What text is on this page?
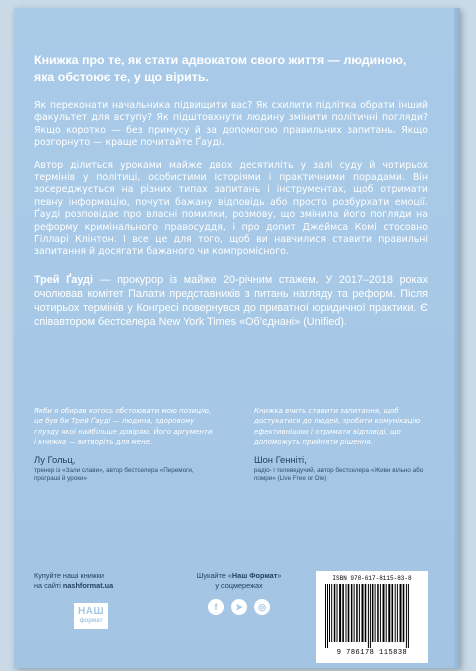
Книжка про те, як стати адвокатом свого життя — людиною, яка обстоює те, у що вірить.

Як переконати начальника підвищити вас? Як схилити підлітка обрати інший факультет для вступу? Як підштовхнути людину змінити політичні погляди? Якщо коротко — без примусу й за допомогою правильних запитань. Якщо розгорнуто — краще почитайте Ґауді.

Автор ділиться уроками майже двох десятиліть у залі суду й чотирьох термінів у політиці, особистими історіями і практичними порадами. Він зосереджується на різних типах запитань і інструментах, щоб отримати певну інформацію, почути бажану відповідь або просто розбурхати емоції. Ґауді розповідає про власні помилки, розмову, що змінила його погляди на реформу кримінального правосуддя, і про допит Джеймса Комі стосовно Гілларі Клінтон. І все це для того, щоб ви навчилися ставити правильні запитання й досягати бажаного чи компромісного.

Трей Ґауді — прокурор із майже 20-річним стажем. У 2017–2018 роках очолював комітет Палати представників з питань нагляду та реформ. Після чотирьох термінів у Конгресі повернувся до приватної юридичної практики. Є співавтором бестселера New York Times «Об’єднані» (Unified).

Якби я обирав когось обстоювати мою позицію, це був би Трей Ґауді — людина, здоровому глузду якої найбільше довіряю. Його аргументи і книжка — витворіть для мене.

Лу Гольц,

тренер із «Зали слави», автор бестселера «Перемоги, програші й уроки»

Книжка вчить ставити запитання, щоб достукатися до людей, зробити комунікацію ефективнішою і отримати відповіді, що допоможуть прийняти рішення.

Шон Генніті,

радіо- і телеведучий, автор бестселера «Живи вільно або помри» (Live Free or Die)

Купуйте наші книжки
на сайті nashformat.ua
НАШ
формат
Шукайте «Наш Формат»
у соцмережах
f	➤	◎

ISBN 978-617-8115-83-8

9 786178 115838
